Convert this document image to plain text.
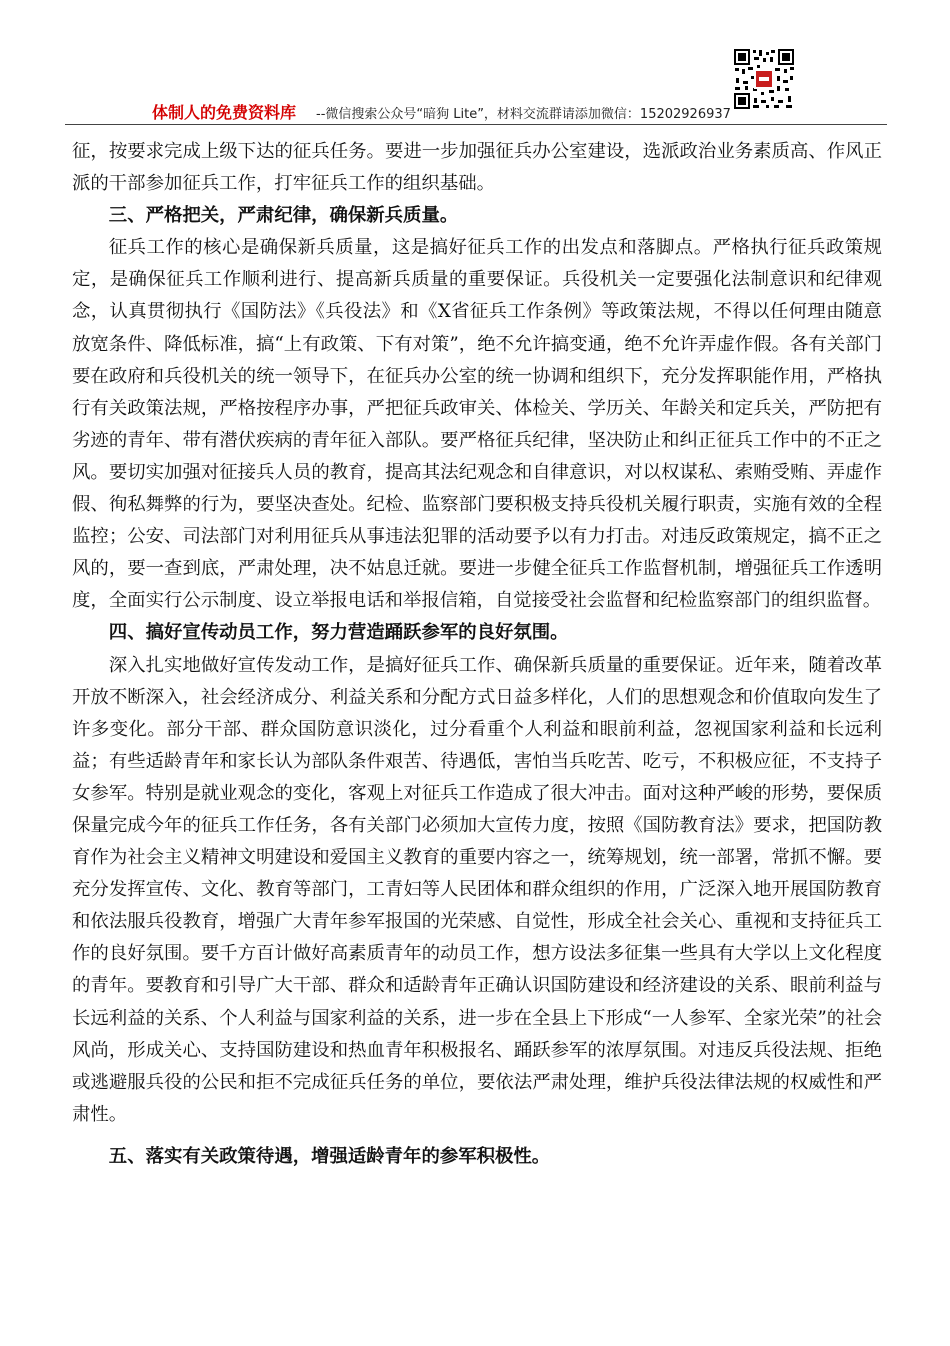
体制人的免费资料库 --微信搜索公众号“暗狗 Lite”，材料交流群请添加微信：15202926937

征，按要求完成上级下达的征兵任务。要进一步加强征兵办公室建设，选派政治业务素质高、作风正派的干部参加征兵工作，打牢征兵工作的组织基础。

三、严格把关，严肃纪律，确保新兵质量。

征兵工作的核心是确保新兵质量，这是搞好征兵工作的出发点和落脚点。严格执行征兵政策规定，是确保征兵工作顺利进行、提高新兵质量的重要保证。兵役机关一定要强化法制意识和纪律观念，认真贯彻执行《国防法》《兵役法》和《X省征兵工作条例》等政策法规，不得以任何理由随意放宽条件、降低标准，搞“上有政策、下有对策”，绝不允许搞变通，绝不允许弄虚作假。各有关部门要在政府和兵役机关的统一领导下，在征兵办公室的统一协调和组织下，充分发挥职能作用，严格执行有关政策法规，严格按程序办事，严把征兵政审关、体检关、学历关、年龄关和定兵关，严防把有劣迹的青年、带有潜伏疾病的青年征入部队。要严格征兵纪律，坚决防止和纠正征兵工作中的不正之风。要切实加强对征接兵人员的教育，提高其法纪观念和自律意识，对以权谋私、索贿受贿、弄虚作假、徇私舞弊的行为，要坚决查处。纪检、监察部门要积极支持兵役机关履行职责，实施有效的全程监控；公安、司法部门对利用征兵从事违法犯罪的活动要予以有力打击。对违反政策规定，搞不正之风的，要一查到底，严肃处理，决不姑息迁就。要进一步健全征兵工作监督机制，增强征兵工作透明度，全面实行公示制度、设立举报电话和举报信箱，自觉接受社会监督和纪检监察部门的组织监督。

四、搞好宣传动员工作，努力营造踊跃参军的良好氛围。

深入扎实地做好宣传发动工作，是搞好征兵工作、确保新兵质量的重要保证。近年来，随着改革开放不断深入，社会经济成分、利益关系和分配方式日益多样化，人们的思想观念和价值取向发生了许多变化。部分干部、群众国防意识淡化，过分看重个人利益和眼前利益，忽视国家利益和长远利益；有些适龄青年和家长认为部队条件艰苦、待遇低，害怕当兵吃苦、吃亏，不积极应征，不支持子女参军。特别是就业观念的变化，客观上对征兵工作造成了很大冲击。面对这种严峻的形势，要保质保量完成今年的征兵工作任务，各有关部门必须加大宣传力度，按照《国防教育法》要求，把国防教育作为社会主义精神文明建设和爱国主义教育的重要内容之一，统筹规划，统一部署，常抓不懈。要充分发挥宣传、文化、教育等部门，工青妇等人民团体和群众组织的作用，广泛深入地开展国防教育和依法服兵役教育，增强广大青年参军报国的光荣感、自觉性，形成全社会关心、重视和支持征兵工作的良好氛围。要千方百计做好高素质青年的动员工作，想方设法多征集一些具有大学以上文化程度的青年。要教育和引导广大干部、群众和适龄青年正确认识国防建设和经济建设的关系、眼前利益与长远利益的关系、个人利益与国家利益的关系，进一步在全县上下形成“一人参军、全家光荣”的社会风尚，形成关心、支持国防建设和热血青年积极报名、踊跃参军的浓厚氛围。对违反兵役法规、拒绝或逃避服兵役的公民和拒不完成征兵任务的单位，要依法严肃处理，维护兵役法律法规的权威性和严肃性。

五、落实有关政策待遇，增强适龄青年的参军积极性。
